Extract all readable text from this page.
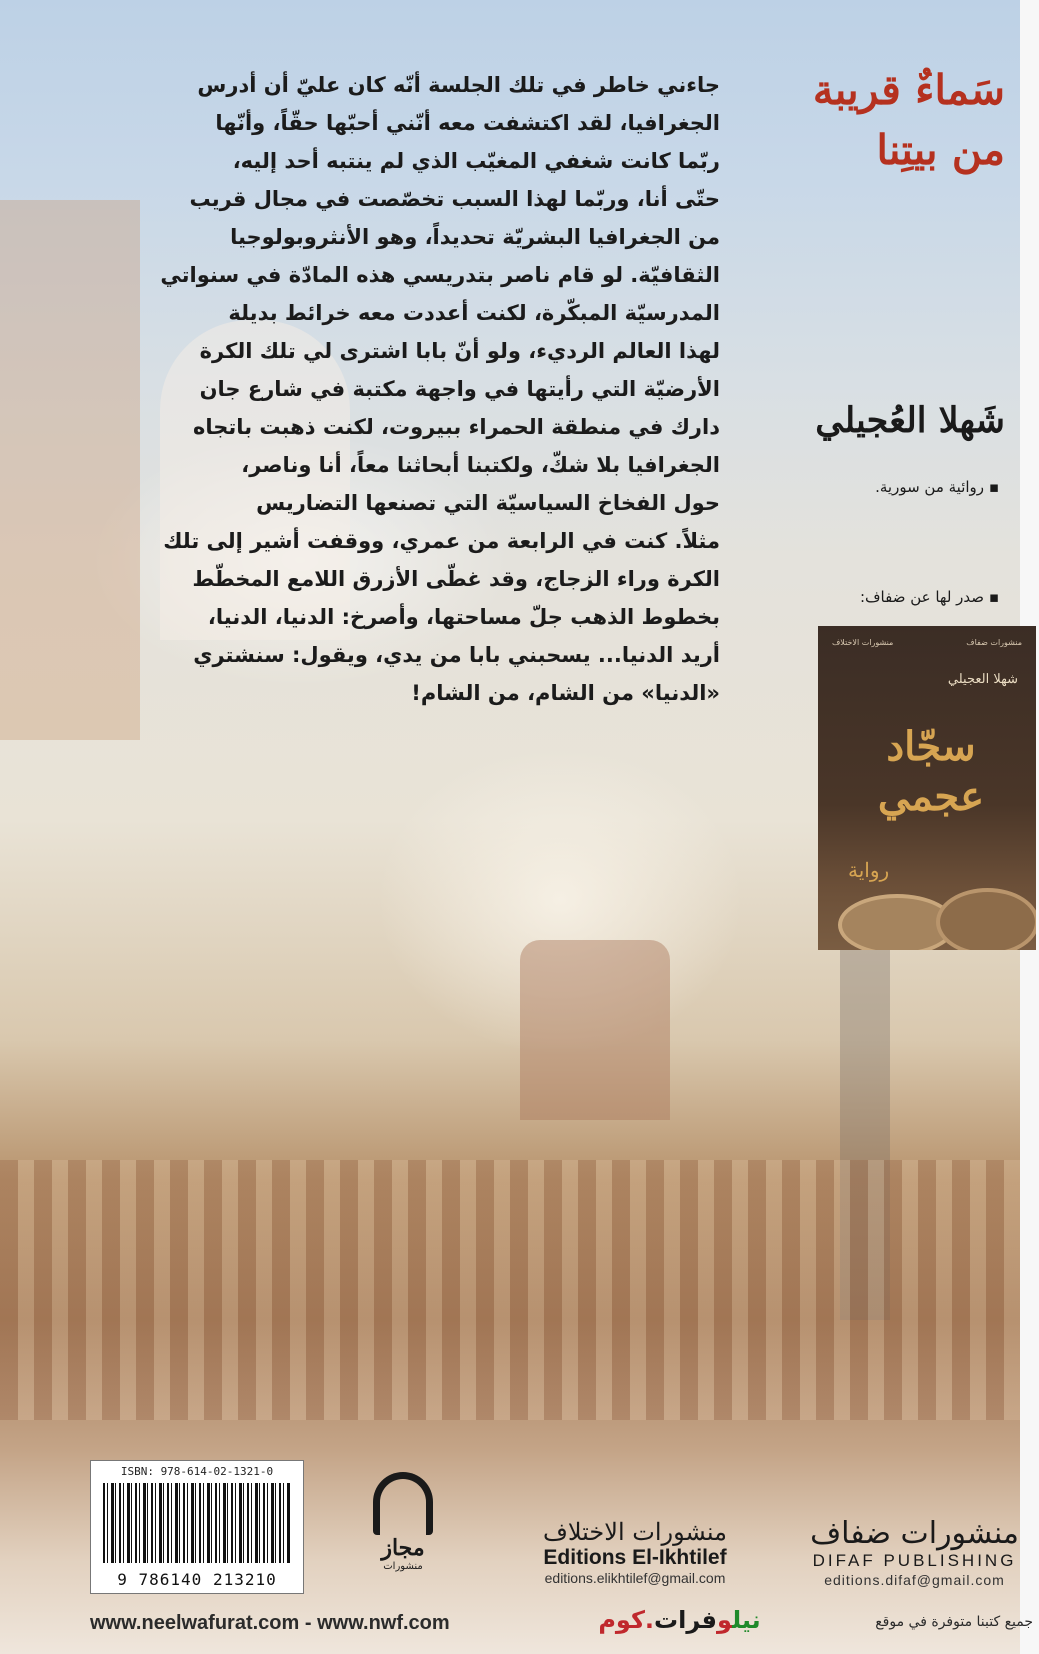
سَماءٌ قريبة
من بيتِنا
شَهلا العُجيلي
▪ روائية من سورية.
▪ صدر لها عن ضفاف:
منشورات ضفاف
منشورات الاختلاف
شهلا العجيلي
سجّاد عجمي
رواية
جاءني خاطر في تلك الجلسة أنّه كان عليّ أن أدرس
الجغرافيا، لقد اكتشفت معه أنّني أحبّها حقّاً، وأنّها
ربّما كانت شغفي المغيّب الذي لم ينتبه أحد إليه،
حتّى أنا، وربّما لهذا السبب تخصّصت في مجال قريب
من الجغرافيا البشريّة تحديداً، وهو الأنثروبولوجيا
الثقافيّة. لو قام ناصر بتدريسي هذه المادّة في سنواتي
المدرسيّة المبكّرة، لكنت أعددت معه خرائط بديلة
لهذا العالم الرديء، ولو أنّ بابا اشترى لي تلك الكرة
الأرضيّة التي رأيتها في واجهة مكتبة في شارع جان
دارك في منطقة الحمراء ببيروت، لكنت ذهبت باتجاه
الجغرافيا بلا شكّ، ولكتبنا أبحاثنا معاً، أنا وناصر،
حول الفخاخ السياسيّة التي تصنعها التضاريس
مثلاً. كنت في الرابعة من عمري، ووقفت أشير إلى تلك
الكرة وراء الزجاج، وقد غطّى الأزرق اللامع المخطّط
بخطوط الذهب جلّ مساحتها، وأصرخ: الدنيا، الدنيا،
أريد الدنيا... يسحبني بابا من يدي، ويقول: سنشتري
«الدنيا» من الشام، من الشام!
ISBN: 978-614-02-1321-0
9 786140 213210
مجاز
منشورات
منشورات الاختلاف
Editions El-Ikhtilef
editions.elikhtilef@gmail.com
منشورات ضفاف
DIFAF PUBLISHING
editions.difaf@gmail.com
www.neelwafurat.com - www.nwf.com	نيلوفرات.كوم	جميع كتبنا متوفرة في موقع
